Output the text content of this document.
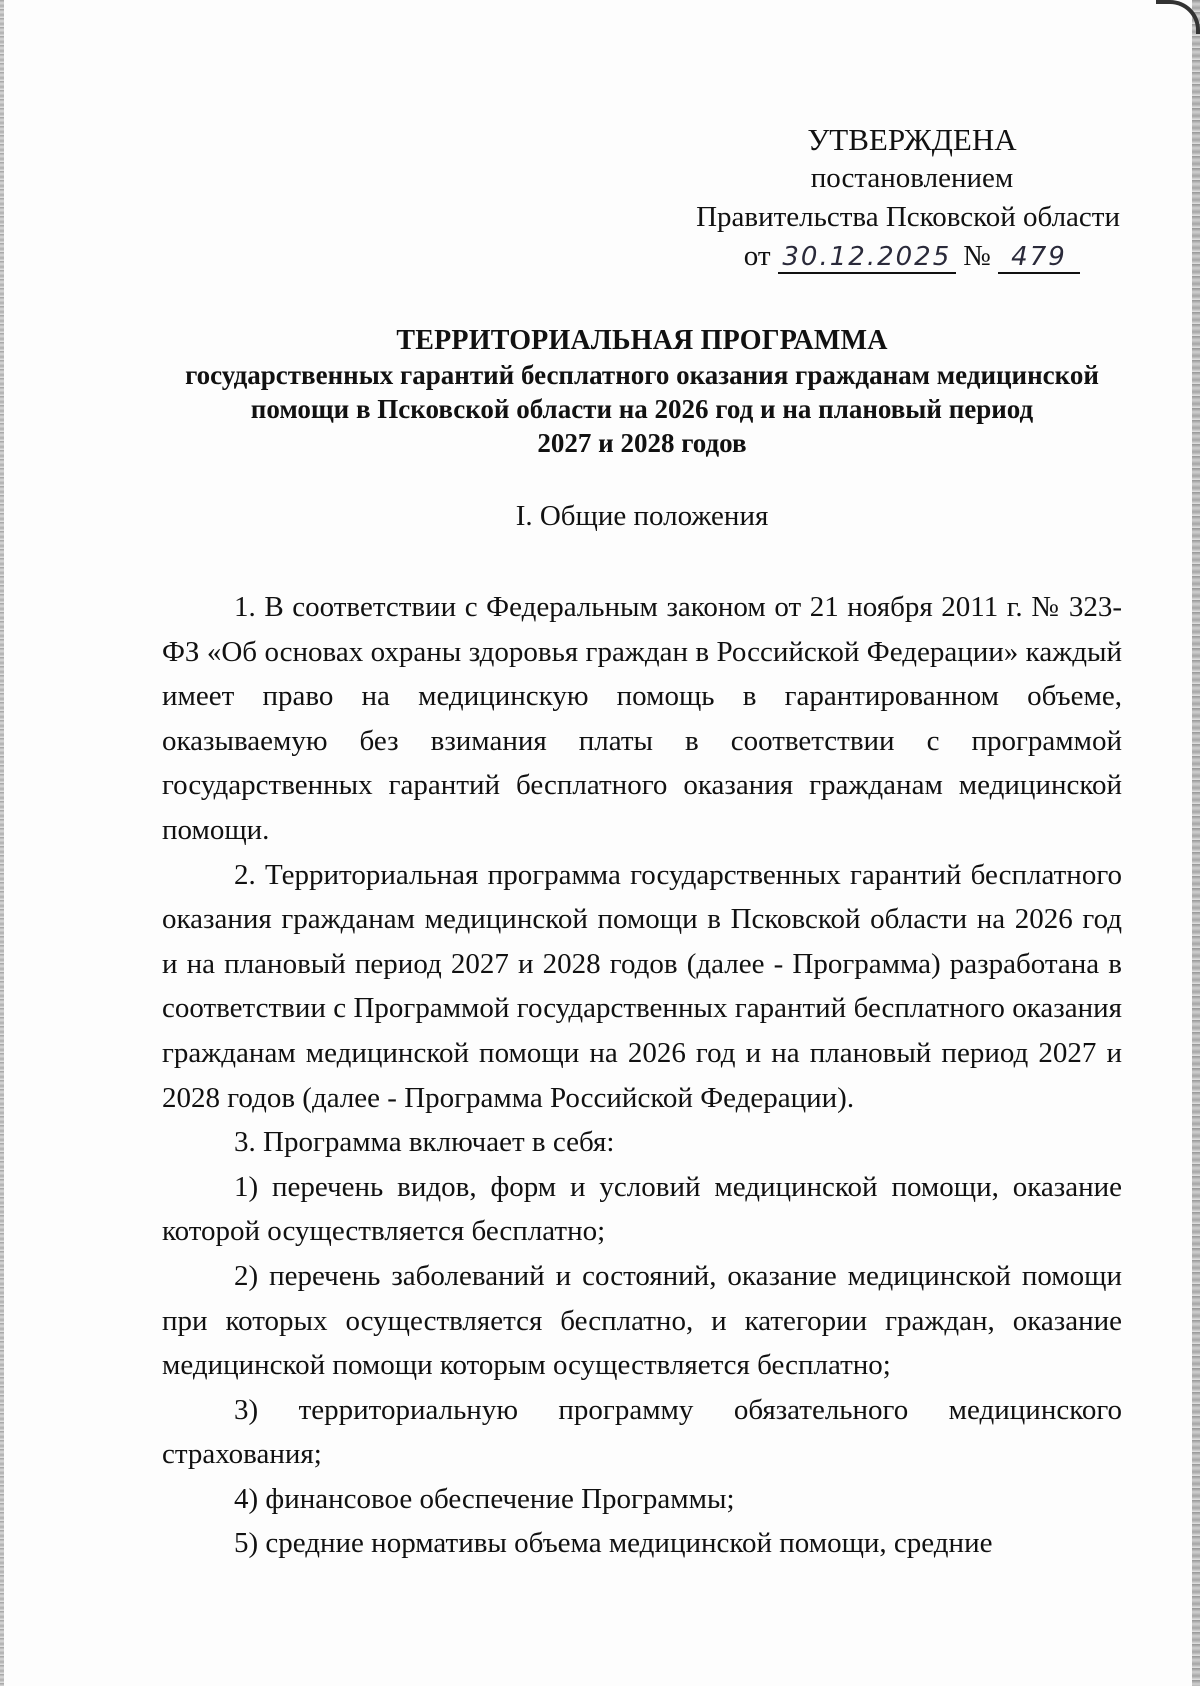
УТВЕРЖДЕНА
постановлением
Правительства Псковской области
от 30.12.2025 № 479
ТЕРРИТОРИАЛЬНАЯ ПРОГРАММА
государственных гарантий бесплатного оказания гражданам медицинской
помощи в Псковской области на 2026 год и на плановый период
2027 и 2028 годов
I. Общие положения

1. В соответствии с Федеральным законом от 21 ноября 2011 г. № 323-ФЗ «Об основах охраны здоровья граждан в Российской Федерации» каждый имеет право на медицинскую помощь в гарантированном объеме, оказываемую без взимания платы в соответствии с программой государственных гарантий бесплатного оказания гражданам медицинской помощи.

2. Территориальная программа государственных гарантий бесплатного оказания гражданам медицинской помощи в Псковской области на 2026 год и на плановый период 2027 и 2028 годов (далее - Программа) разработана в соответствии с Программой государственных гарантий бесплатного оказания гражданам медицинской помощи на 2026 год и на плановый период 2027 и 2028 годов (далее - Программа Российской Федерации).

3. Программа включает в себя:

1) перечень видов, форм и условий медицинской помощи, оказание которой осуществляется бесплатно;

2) перечень заболеваний и состояний, оказание медицинской помощи при которых осуществляется бесплатно, и категории граждан, оказание медицинской помощи которым осуществляется бесплатно;

3) территориальную программу обязательного медицинского страхования;

4) финансовое обеспечение Программы;

5) средние нормативы объема медицинской помощи, средние
